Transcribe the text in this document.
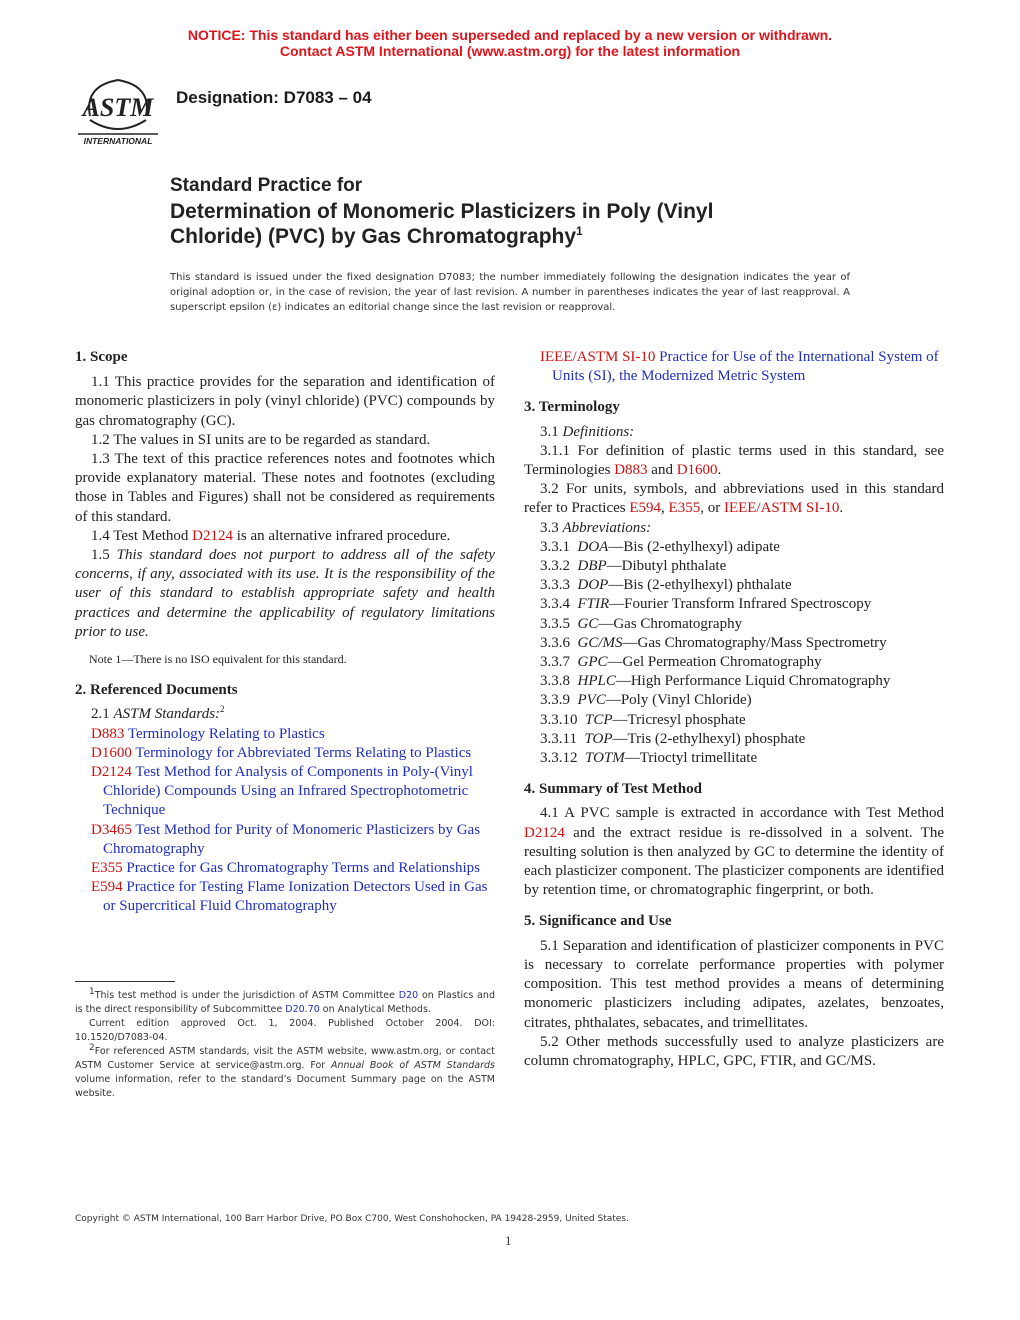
NOTICE: This standard has either been superseded and replaced by a new version or withdrawn.
Contact ASTM International (www.astm.org) for the latest information
ASTM
INTERNATIONAL
Designation: D7083 – 04
Standard Practice for
Determination of Monomeric Plasticizers in Poly (Vinyl
Chloride) (PVC) by Gas Chromatography$^1$
This standard is issued under the fixed designation D7083; the number immediately following the designation indicates the year of original adoption or, in the case of revision, the year of last revision. A number in parentheses indicates the year of last reapproval. A superscript epsilon (ε) indicates an editorial change since the last revision or reapproval.

1. Scope

1.1 This practice provides for the separation and identification of monomeric plasticizers in poly (vinyl chloride) (PVC) compounds by gas chromatography (GC).

1.2 The values in SI units are to be regarded as standard.

1.3 The text of this practice references notes and footnotes which provide explanatory material. These notes and footnotes (excluding those in Tables and Figures) shall not be considered as requirements of this standard.

1.4 Test Method D2124 is an alternative infrared procedure.

1.5 This standard does not purport to address all of the safety concerns, if any, associated with its use. It is the responsibility of the user of this standard to establish appropriate safety and health practices and determine the applicability of regulatory limitations prior to use.

Note 1—There is no ISO equivalent for this standard.

2. Referenced Documents

2.1 ASTM Standards:$^2$

D883 Terminology Relating to Plastics

D1600 Terminology for Abbreviated Terms Relating to Plastics

D2124 Test Method for Analysis of Components in Poly-(Vinyl Chloride) Compounds Using an Infrared Spectrophotometric Technique

D3465 Test Method for Purity of Monomeric Plasticizers by Gas Chromatography

E355 Practice for Gas Chromatography Terms and Relationships

E594 Practice for Testing Flame Ionization Detectors Used in Gas or Supercritical Fluid Chromatography

$^1$This test method is under the jurisdiction of ASTM Committee D20 on Plastics and is the direct responsibility of Subcommittee D20.70 on Analytical Methods.
Current edition approved Oct. 1, 2004. Published October 2004. DOI: 10.1520/D7083-04.
$^2$For referenced ASTM standards, visit the ASTM website, www.astm.org, or contact ASTM Customer Service at service@astm.org. For Annual Book of ASTM Standards volume information, refer to the standard’s Document Summary page on the ASTM website.

IEEE/ASTM SI-10 Practice for Use of the International System of Units (SI), the Modernized Metric System

3. Terminology

3.1 Definitions:

3.1.1 For definition of plastic terms used in this standard, see Terminologies D883 and D1600.

3.2 For units, symbols, and abbreviations used in this standard refer to Practices E594, E355, or IEEE/ASTM SI-10.

3.3 Abbreviations:

3.3.1 DOA—Bis (2-ethylhexyl) adipate

3.3.2 DBP—Dibutyl phthalate

3.3.3 DOP—Bis (2-ethylhexyl) phthalate

3.3.4 FTIR—Fourier Transform Infrared Spectroscopy

3.3.5 GC—Gas Chromatography

3.3.6 GC/MS—Gas Chromatography/Mass Spectrometry

3.3.7 GPC—Gel Permeation Chromatography

3.3.8 HPLC—High Performance Liquid Chromatography

3.3.9 PVC—Poly (Vinyl Chloride)

3.3.10 TCP—Tricresyl phosphate

3.3.11 TOP—Tris (2-ethylhexyl) phosphate

3.3.12 TOTM—Trioctyl trimellitate

4. Summary of Test Method

4.1 A PVC sample is extracted in accordance with Test Method D2124 and the extract residue is re-dissolved in a solvent. The resulting solution is then analyzed by GC to determine the identity of each plasticizer component. The plasticizer components are identified by retention time, or chromatographic fingerprint, or both.

5. Significance and Use

5.1 Separation and identification of plasticizer components in PVC is necessary to correlate performance properties with polymer composition. This test method provides a means of determining monomeric plasticizers including adipates, azelates, benzoates, citrates, phthalates, sebacates, and trimellitates.

5.2 Other methods successfully used to analyze plasticizers are column chromatography, HPLC, GPC, FTIR, and GC/MS.

Copyright © ASTM International, 100 Barr Harbor Drive, PO Box C700, West Conshohocken, PA 19428-2959, United States.
1
